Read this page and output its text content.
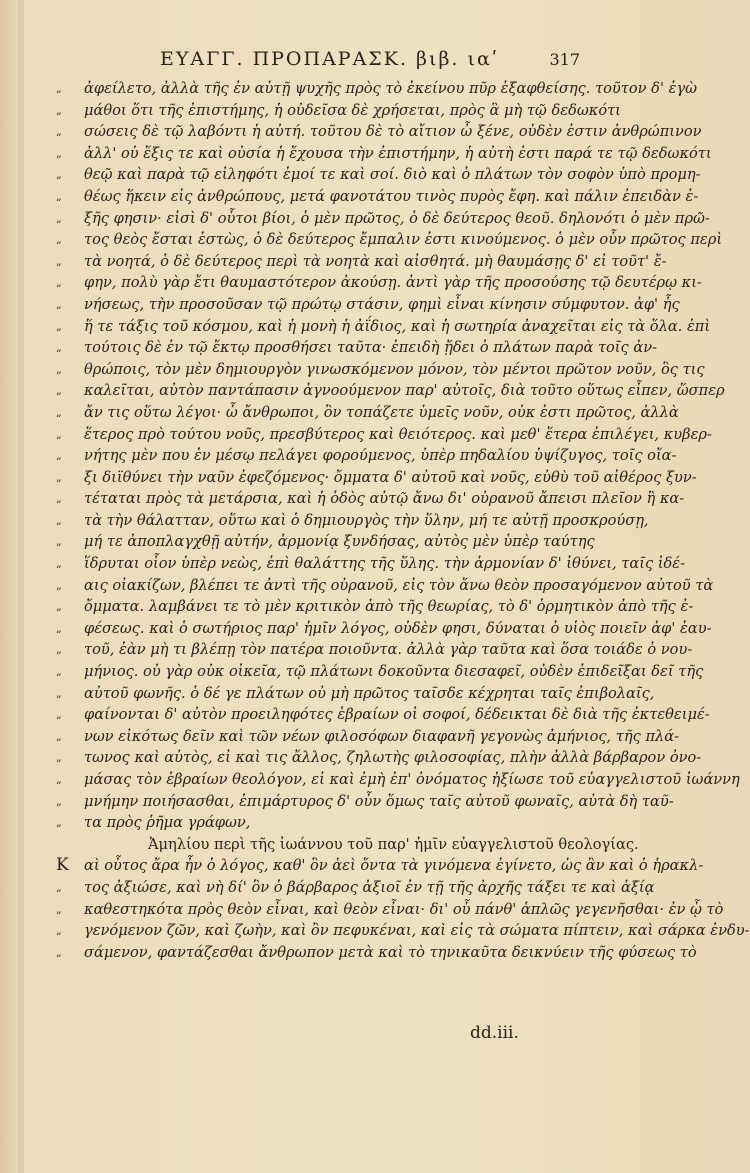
ΕΥΑΓΓ. ΠΡΟΠΑΡΑΣΚ. βιβ. ιαʹ	317
„	ἀφείλετο, ἀλλὰ τῆς ἐν αὐτῇ ψυχῆς πρὸς τὸ ἐκείνου πῦρ ἐξαφθείσης. τοῦτον δ' ἐγὼ
„	μάθοι ὅτι τῆς ἐπιστήμης, ἡ οὐδεῖσα δὲ χρήσεται, πρὸς ἃ μὴ τῷ δεδωκότι
„	σώσεις δὲ τῷ λαβόντι ἡ αὐτή. τοῦτου δὲ τὸ αἴτιον ὦ ξένε, οὐδὲν ἐστιν ἀνθρώπινον
„	ἀλλ' οὐ ἕξις τε καὶ οὐσία ἡ ἔχουσα τὴν ἐπιστήμην, ἡ αὐτὴ ἐστι παρά τε τῷ δεδωκότι
„	θεῷ καὶ παρὰ τῷ εἰληφότι ἐμοί τε καὶ σοί. διὸ καὶ ὁ πλάτων τὸν σοφὸν ὑπὸ προμη-
„	θέως ἥκειν εἰς ἀνθρώπους, μετά φανοτάτου τινὸς πυρὸς ἔφη. καὶ πάλιν ἐπειδὰν ἐ-
„	ξῆς φησιν· εἰσὶ δ' οὗτοι βίοι, ὁ μὲν πρῶτος, ὁ δὲ δεύτερος θεοῦ. δηλονότι ὁ μὲν πρῶ-
„	τος θεὸς ἔσται ἑστὼς, ὁ δὲ δεύτερος ἔμπαλιν ἐστι κινούμενος. ὁ μὲν οὖν πρῶτος περὶ
„	τὰ νοητά, ὁ δὲ δεύτερος περὶ τὰ νοητὰ καὶ αἰσθητά. μὴ θαυμάσῃς δ' εἰ τοῦτ' ἔ-
„	φην, πολὺ γὰρ ἔτι θαυμαστότερον ἀκούσῃ. ἀντὶ γὰρ τῆς προσούσης τῷ δευτέρῳ κι-
„	νήσεως, τὴν προσοῦσαν τῷ πρώτῳ στάσιν, φημὶ εἶναι κίνησιν σύμφυτον. ἀφ' ἧς
„	ἥ τε τάξις τοῦ κόσμου, καὶ ἡ μονὴ ἡ ἀΐδιος, καὶ ἡ σωτηρία ἀναχεῖται εἰς τὰ ὅλα. ἐπὶ
„	τούτοις δὲ ἐν τῷ ἔκτῳ προσθήσει ταῦτα· ἐπειδὴ ᾔδει ὁ πλάτων παρὰ τοῖς ἀν-
„	θρώποις, τὸν μὲν δημιουργὸν γινωσκόμενον μόνον, τὸν μέντοι πρῶτον νοῦν, ὃς τις
„	καλεῖται, αὐτὸν παντάπασιν ἀγνοούμενον παρ' αὐτοῖς, διὰ τοῦτο οὕτως εἶπεν, ὥσπερ
„	ἄν τις οὕτω λέγοι· ὦ ἄνθρωποι, ὃν τοπάζετε ὑμεῖς νοῦν, οὐκ ἐστι πρῶτος, ἀλλὰ
„	ἕτερος πρὸ τούτου νοῦς, πρεσβύτερος καὶ θειότερος. καὶ μεθ' ἕτερα ἐπιλέγει, κυβερ-
„	νήτης μὲν που ἐν μέσῳ πελάγει φορούμενος, ὑπὲρ πηδαλίου ὑψίζυγος, τοῖς οἴα-
„	ξι διϊθύνει τὴν ναῦν ἐφεζόμενος· ὄμματα δ' αὐτοῦ καὶ νοῦς, εὐθὺ τοῦ αἰθέρος ξυν-
„	τέταται πρὸς τὰ μετάρσια, καὶ ἡ ὁδὸς αὐτῷ ἄνω δι' οὐρανοῦ ἄπεισι πλεῖον ἢ κα-
„	τὰ τὴν θάλατταν, οὕτω καὶ ὁ δημιουργὸς τὴν ὕλην, μή τε αὐτῇ προσκρούσῃ,
„	μή τε ἀποπλαγχθῇ αὐτήν, ἁρμονίᾳ ξυνδήσας, αὐτὸς μὲν ὑπὲρ ταύτης
„	ἵδρυται οἷον ὑπὲρ νεὼς, ἐπὶ θαλάττης τῆς ὕλης. τὴν ἁρμονίαν δ' ἰθύνει, ταῖς ἰδέ-
„	αις οἰακίζων, βλέπει τε ἀντὶ τῆς οὐρανοῦ, εἰς τὸν ἄνω θεὸν προσαγόμενον αὐτοῦ τὰ
„	ὄμματα. λαμβάνει τε τὸ μὲν κριτικὸν ἀπὸ τῆς θεωρίας, τὸ δ' ὁρμητικὸν ἀπὸ τῆς ἐ-
„	φέσεως. καὶ ὁ σωτήριος παρ' ἡμῖν λόγος, οὐδὲν φησι, δύναται ὁ υἱὸς ποιεῖν ἀφ' ἑαυ-
„	τοῦ, ἐὰν μὴ τι βλέπῃ τὸν πατέρα ποιοῦντα. ἀλλὰ γὰρ ταῦτα καὶ ὅσα τοιάδε ὁ νου-
„	μήνιος. οὐ γὰρ οὐκ οἰκεῖα, τῷ πλάτωνι δοκοῦντα διεσαφεῖ, οὐδὲν ἐπιδεῖξαι δεῖ τῆς
„	αὐτοῦ φωνῆς. ὁ δέ γε πλάτων οὐ μὴ πρῶτος ταῖσδε κέχρηται ταῖς ἐπιβολαῖς,
„	φαίνονται δ' αὐτὸν προειληφότες ἑβραίων οἱ σοφοί, δέδεικται δὲ διὰ τῆς ἐκτεθειμέ-
„	νων εἰκότως δεῖν καὶ τῶν νέων φιλοσόφων διαφανῆ γεγονὼς ἀμήνιος, τῆς πλά-
„	τωνος καὶ αὐτὸς, εἰ καὶ τις ἄλλος, ζηλωτὴς φιλοσοφίας, πλὴν ἀλλὰ βάρβαρον ὀνο-
„	μάσας τὸν ἑβραίων θεολόγον, εἰ καὶ ἐμὴ ἐπ' ὀνόματος ἠξίωσε τοῦ εὐαγγελιστοῦ ἰωάννη
„	μνήμην ποιήσασθαι, ἐπιμάρτυρος δ' οὖν ὅμως ταῖς αὐτοῦ φωναῖς, αὐτὰ δὴ ταῦ-
„	τα πρὸς ῥῆμα γράφων,
Ἀμηλίου περὶ τῆς ἰωάννου τοῦ παρ' ἡμῖν εὐαγγελιστοῦ θεολογίας.
K αὶ οὗτος ἄρα ἦν ὁ λόγος, καθ' ὃν ἀεὶ ὄντα τὰ γινόμενα ἐγίνετο, ὡς ἂν καὶ ὁ ἡρακλ-
„	τος ἀξιώσε, καὶ νὴ δί' ὃν ὁ βάρβαρος ἀξιοῖ ἐν τῇ τῆς ἀρχῆς τάξει τε καὶ ἀξίᾳ
„	καθεστηκότα πρὸς θεὸν εἶναι, καὶ θεὸν εἶναι· δι' οὗ πάνθ' ἁπλῶς γεγενῆσθαι· ἐν ᾧ τὸ
„	γενόμενον ζῶν, καὶ ζωὴν, καὶ ὂν πεφυκέναι, καὶ εἰς τὰ σώματα πίπτειν, καὶ σάρκα ἐνδυ-
„	σάμενον, φαντάζεσθαι ἄνθρωπον μετὰ καὶ τὸ τηνικαῦτα δεικνύειν τῆς φύσεως τὸ
dd.iii.
